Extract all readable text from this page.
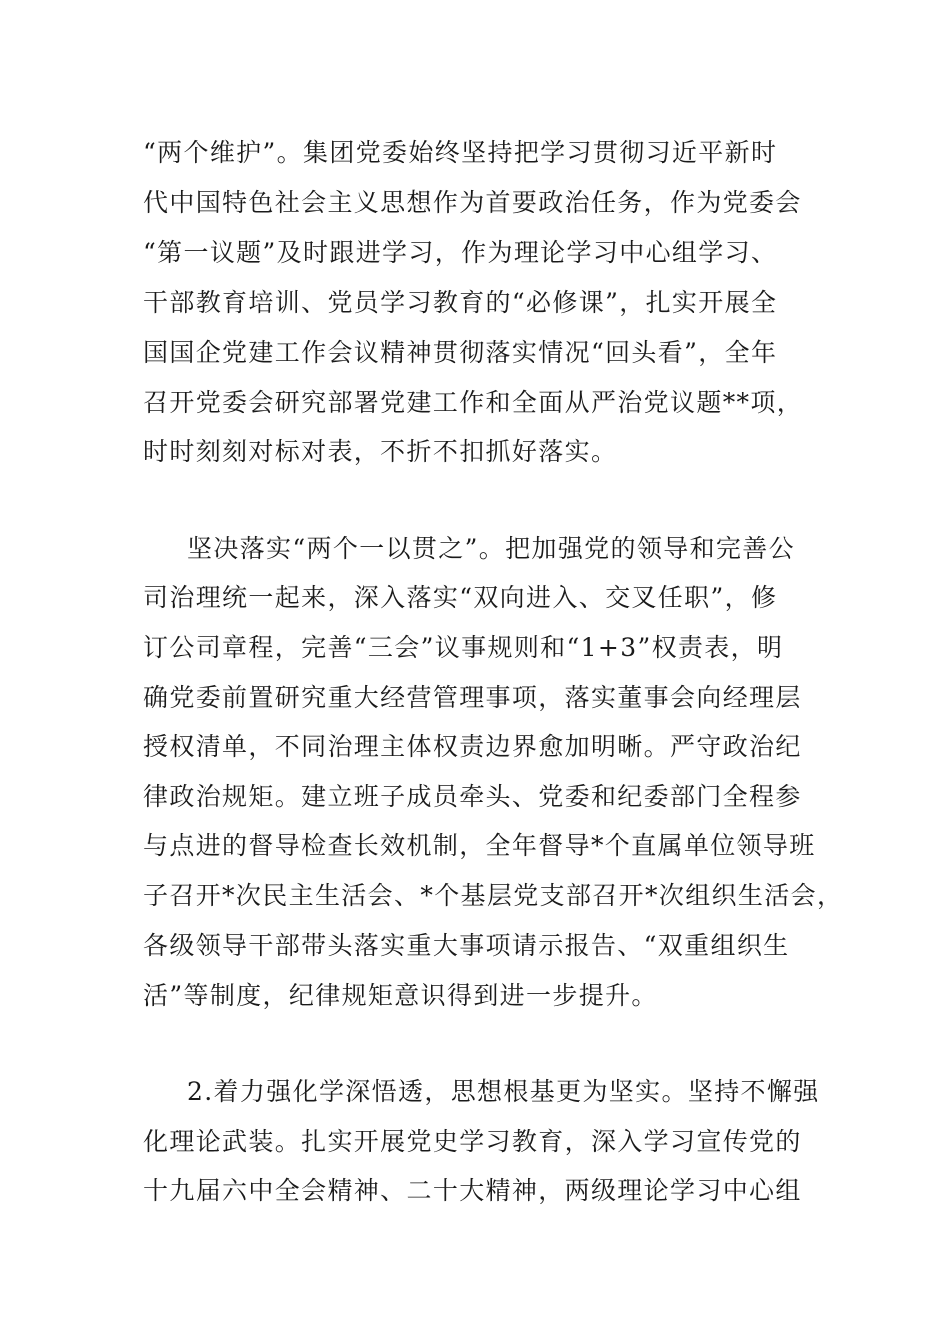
“两个维护”。集团党委始终坚持把学习贯彻习近平新时
代中国特色社会主义思想作为首要政治任务，作为党委会
“第一议题”及时跟进学习，作为理论学习中心组学习、
干部教育培训、党员学习教育的“必修课”，扎实开展全
国国企党建工作会议精神贯彻落实情况“回头看”，全年
召开党委会研究部署党建工作和全面从严治党议题**项，
时时刻刻对标对表，不折不扣抓好落实。
坚决落实“两个一以贯之”。把加强党的领导和完善公
司治理统一起来，深入落实“双向进入、交叉任职”，修
订公司章程，完善“三会”议事规则和“1+3”权责表，明
确党委前置研究重大经营管理事项，落实董事会向经理层
授权清单，不同治理主体权责边界愈加明晰。严守政治纪
律政治规矩。建立班子成员牵头、党委和纪委部门全程参
与点进的督导检查长效机制，全年督导*个直属单位领导班
子召开*次民主生活会、*个基层党支部召开*次组织生活会，
各级领导干部带头落实重大事项请示报告、“双重组织生
活”等制度，纪律规矩意识得到进一步提升。
2.着力强化学深悟透，思想根基更为坚实。坚持不懈强
化理论武装。扎实开展党史学习教育，深入学习宣传党的
十九届六中全会精神、二十大精神，两级理论学习中心组
